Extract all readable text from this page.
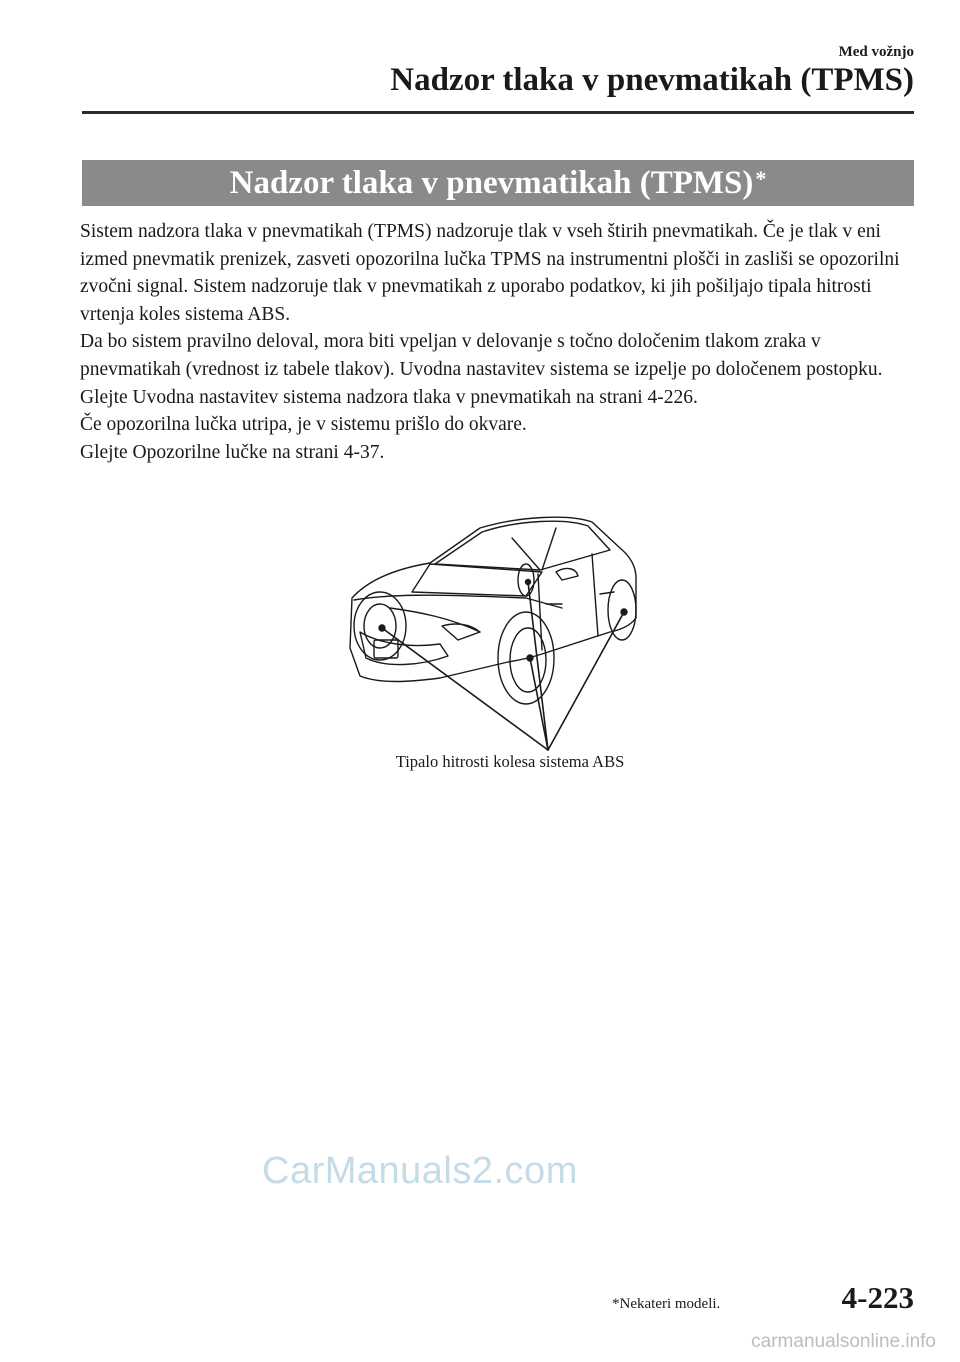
Med vožnjo
Nadzor tlaka v pnevmatikah (TPMS)
Nadzor tlaka v pnevmatikah (TPMS)*

Sistem nadzora tlaka v pnevmatikah (TPMS) nadzoruje tlak v vseh štirih pnevmatikah. Če je tlak v eni izmed pnevmatik prenizek, zasveti opozorilna lučka TPMS na instrumentni plošči in zasliši se opozorilni zvočni signal. Sistem nadzoruje tlak v pnevmatikah z uporabo podatkov, ki jih pošiljajo tipala hitrosti vrtenja koles sistema ABS.

Da bo sistem pravilno deloval, mora biti vpeljan v delovanje s točno določenim tlakom zraka v pnevmatikah (vrednost iz tabele tlakov). Uvodna nastavitev sistema se izpelje po določenem postopku.

Glejte Uvodna nastavitev sistema nadzora tlaka v pnevmatikah na strani 4-226.

Če opozorilna lučka utripa, je v sistemu prišlo do okvare.

Glejte Opozorilne lučke na strani 4-37.

Tipalo hitrosti kolesa sistema ABS
CarManuals2.com
*Nekateri modeli.	4-223
carmanualsonline.info
